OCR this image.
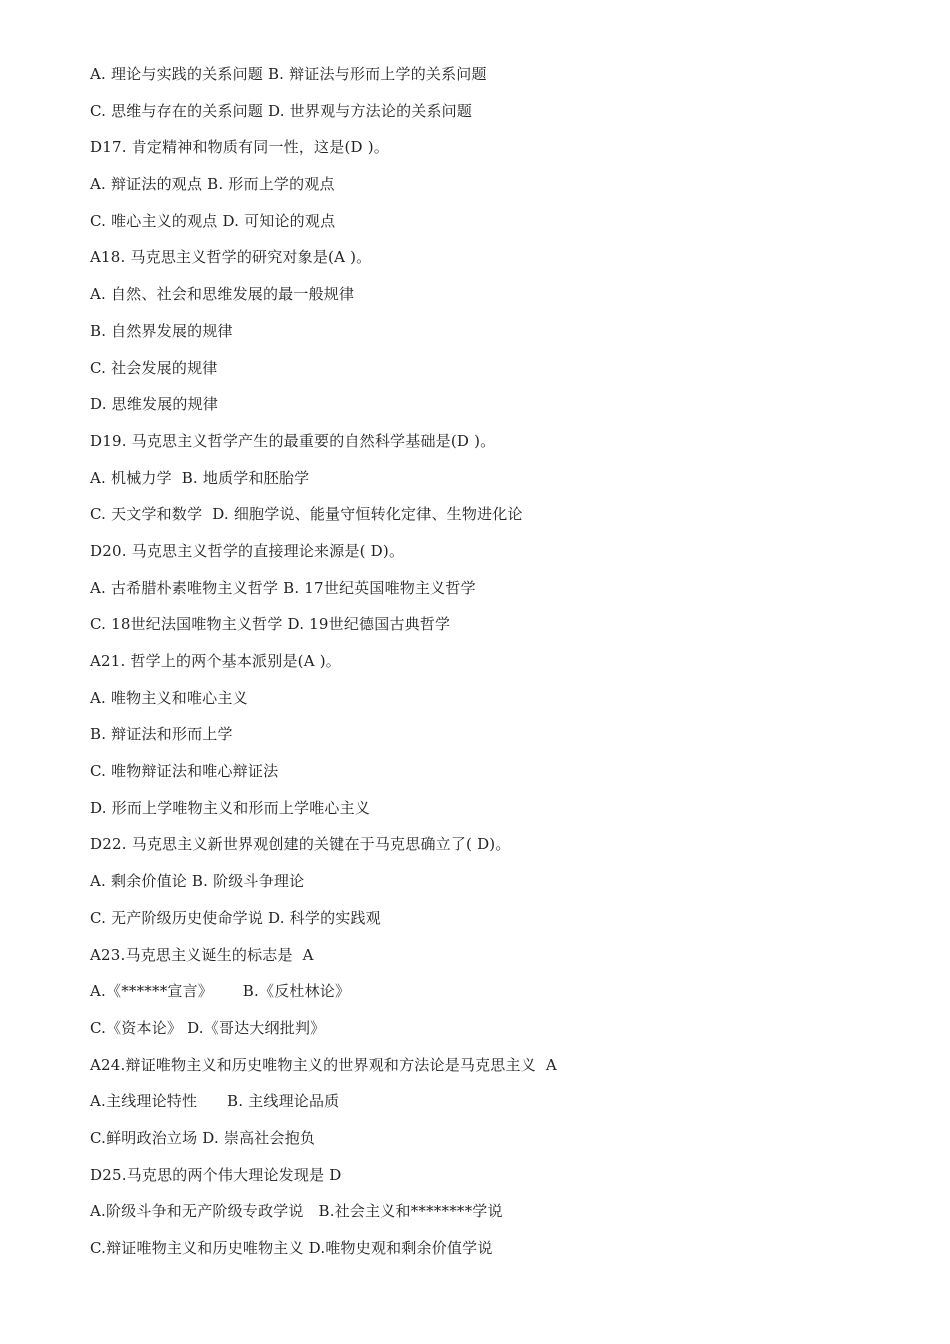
A. 理论与实践的关系问题 B. 辩证法与形而上学的关系问题
C. 思维与存在的关系问题 D. 世界观与方法论的关系问题
D17. 肯定精神和物质有同一性，这是(D )。
A. 辩证法的观点 B. 形而上学的观点
C. 唯心主义的观点 D. 可知论的观点
A18. 马克思主义哲学的研究对象是(A )。
A. 自然、社会和思维发展的最一般规律
B. 自然界发展的规律
C. 社会发展的规律
D. 思维发展的规律
D19. 马克思主义哲学产生的最重要的自然科学基础是(D )。
A. 机械力学  B. 地质学和胚胎学
C. 天文学和数学  D. 细胞学说、能量守恒转化定律、生物进化论
D20. 马克思主义哲学的直接理论来源是( D)。
A. 古希腊朴素唯物主义哲学 B. 17世纪英国唯物主义哲学
C. 18世纪法国唯物主义哲学 D. 19世纪德国古典哲学
A21. 哲学上的两个基本派别是(A )。
A. 唯物主义和唯心主义
B. 辩证法和形而上学
C. 唯物辩证法和唯心辩证法
D. 形而上学唯物主义和形而上学唯心主义
D22. 马克思主义新世界观创建的关键在于马克思确立了( D)。
A. 剩余价值论 B. 阶级斗争理论
C. 无产阶级历史使命学说 D. 科学的实践观
A23.马克思主义诞生的标志是  A
A.《******宣言》      B.《反杜林论》
C.《资本论》 D.《哥达大纲批判》
A24.辩证唯物主义和历史唯物主义的世界观和方法论是马克思主义  A
A.主线理论特性      B. 主线理论品质
C.鲜明政治立场 D. 崇高社会抱负
D25.马克思的两个伟大理论发现是 D
A.阶级斗争和无产阶级专政学说   B.社会主义和********学说
C.辩证唯物主义和历史唯物主义 D.唯物史观和剩余价值学说
